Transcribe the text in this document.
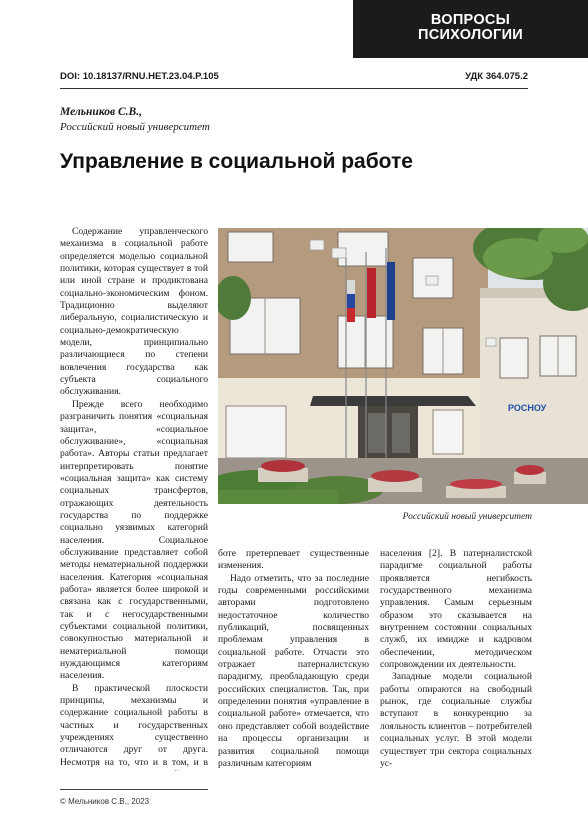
ВОПРОСЫ
ПСИХОЛОГИИ
DOI: 10.18137/RNU.HET.23.04.P.105	УДК 364.075.2
Мельников С.В.,
Российский новый университет
Управление в социальной работе

Содержание управленческого механизма в социальной работе определяется моделью социальной политики, которая существует в той или иной стране и продиктована социально-экономическим фоном. Традиционно выделяют либеральную, социалистическую и социально-демократическую модели, принципиально различающиеся по степени вовлечения государства как субъекта социального обслуживания.

Прежде всего необходимо разграничить понятия «социальная защита», «социальное обслуживание», «социальная работа». Авторы статьи предлагает интерпретировать понятие «социальная защита» как систему социальных трансфертов, отражающих деятельность государства по поддержке социально уязвимых категорий населения. Социальное обслуживание представляет собой методы нематериальной поддержки населения. Категория «социальная работа» является более широкой и связана как с государственными, так и с негосударственными субъектами социальной политики, совокупностью материальной и нематериальной помощи нуждающимся категориям населения.

В практической плоскости принципы, механизмы и содержание социальной работы в частных и государственных учреждениях существенно отличаются друг от друга. Несмотря на то, что и в том, и в

РОСНОУ
Российский новый университет

боте претерпевает существенные изменения.

Надо отметить, что за последние годы современными российскими авторами подготовлено недостаточное количество публикаций, посвященных проблемам управления в социальной работе. Отчасти это отражает патерналистскую парадигму, преобладающую среди российских специалистов. Так, при определении понятия «управление в социальной работе» отмечается, что оно представляет собой воздействие на процессы организации и развития социальной помощи различным категориям

населения [2]. В патерналистской парадигме социальной работы проявляется негибкость государственного механизма управления. Самым серьезным образом это сказывается на внутреннем состоянии социальных служб, их имидже и кадровом обеспечении, методическом сопровождении их деятельности.

Западные модели социальной работы опираются на свободный рынок, где социальные службы вступают в конкуренцию за лояльность клиентов – потребителей социальных услуг. В этой модели существует три сектора социальных ус-

© Мельников С.В., 2023
